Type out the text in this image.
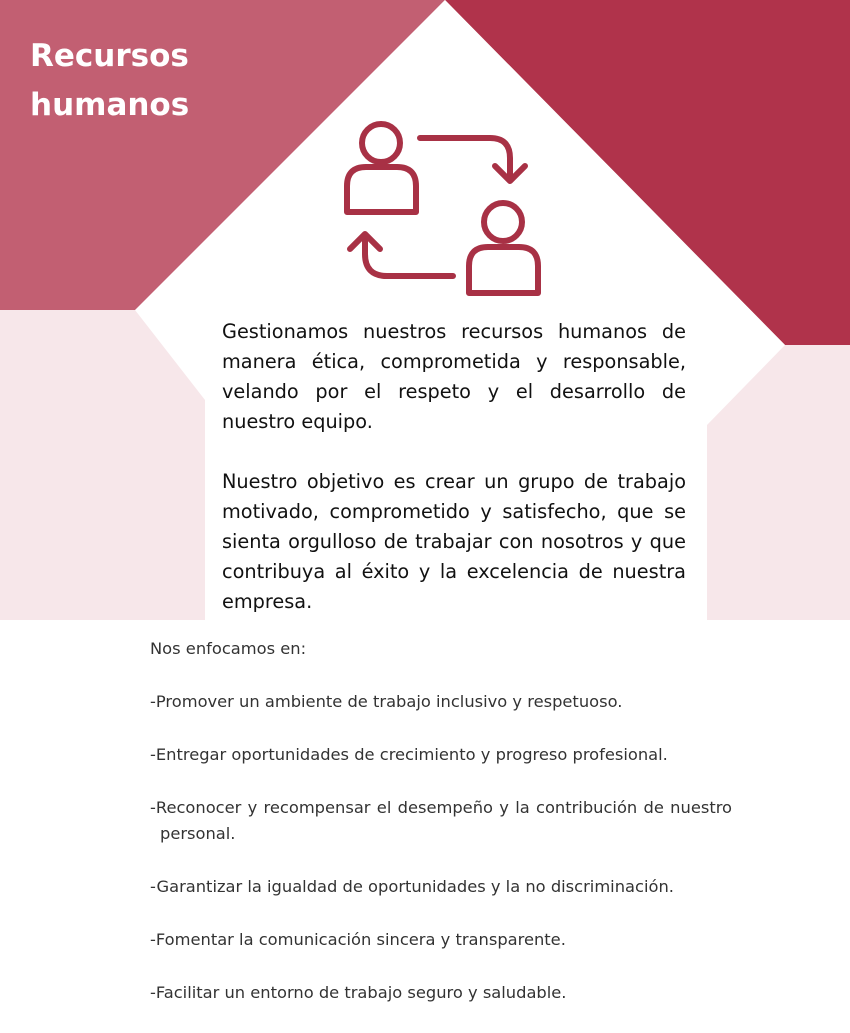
Recursos
humanos

Gestionamos nuestros recursos humanos de manera ética, comprometida y responsable, velando por el respeto y el desarrollo de nuestro equipo.

Nuestro objetivo es crear un grupo de trabajo motivado, comprometido y satisfecho, que se sienta orgulloso de trabajar con nosotros y que contribuya al éxito y la excelencia de nuestra empresa.

Nos enfocamos en:

-Promover un ambiente de trabajo inclusivo y respetuoso.
-Entregar oportunidades de crecimiento y progreso profesional.
-Reconocer y recompensar el desempeño y la contribución de nuestro personal.
-Garantizar la igualdad de oportunidades y la no discriminación.
-Fomentar la comunicación sincera y transparente.
-Facilitar un entorno de trabajo seguro y saludable.
